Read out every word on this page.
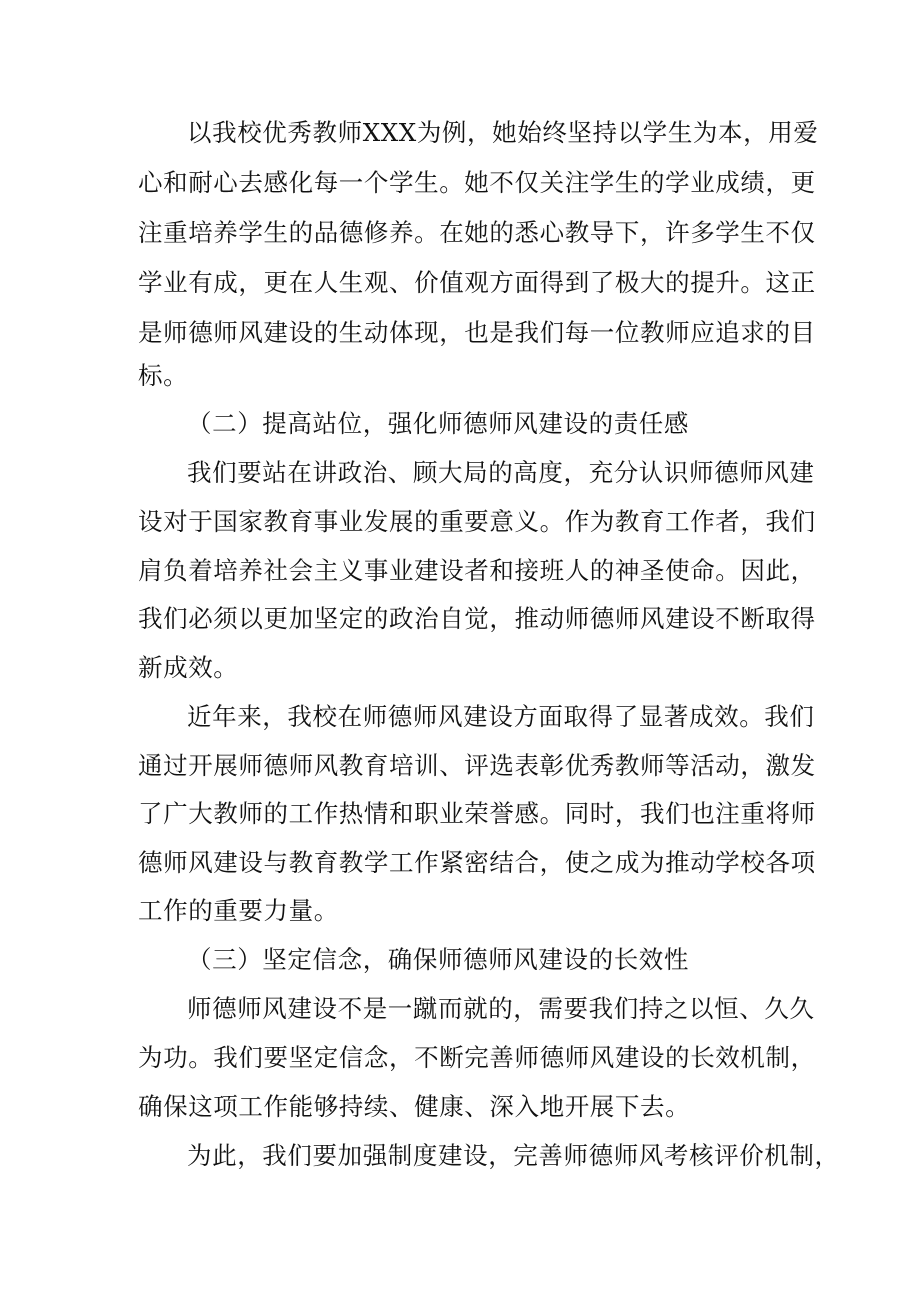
以我校优秀教师XXX为例，她始终坚持以学生为本，用爱
心和耐心去感化每一个学生。她不仅关注学生的学业成绩，更
注重培养学生的品德修养。在她的悉心教导下，许多学生不仅
学业有成，更在人生观、价值观方面得到了极大的提升。这正
是师德师风建设的生动体现，也是我们每一位教师应追求的目
标。
（二）提高站位，强化师德师风建设的责任感
我们要站在讲政治、顾大局的高度，充分认识师德师风建
设对于国家教育事业发展的重要意义。作为教育工作者，我们
肩负着培养社会主义事业建设者和接班人的神圣使命。因此，
我们必须以更加坚定的政治自觉，推动师德师风建设不断取得
新成效。
近年来，我校在师德师风建设方面取得了显著成效。我们
通过开展师德师风教育培训、评选表彰优秀教师等活动，激发
了广大教师的工作热情和职业荣誉感。同时，我们也注重将师
德师风建设与教育教学工作紧密结合，使之成为推动学校各项
工作的重要力量。
（三）坚定信念，确保师德师风建设的长效性
师德师风建设不是一蹴而就的，需要我们持之以恒、久久
为功。我们要坚定信念，不断完善师德师风建设的长效机制，
确保这项工作能够持续、健康、深入地开展下去。
为此，我们要加强制度建设，完善师德师风考核评价机制，
